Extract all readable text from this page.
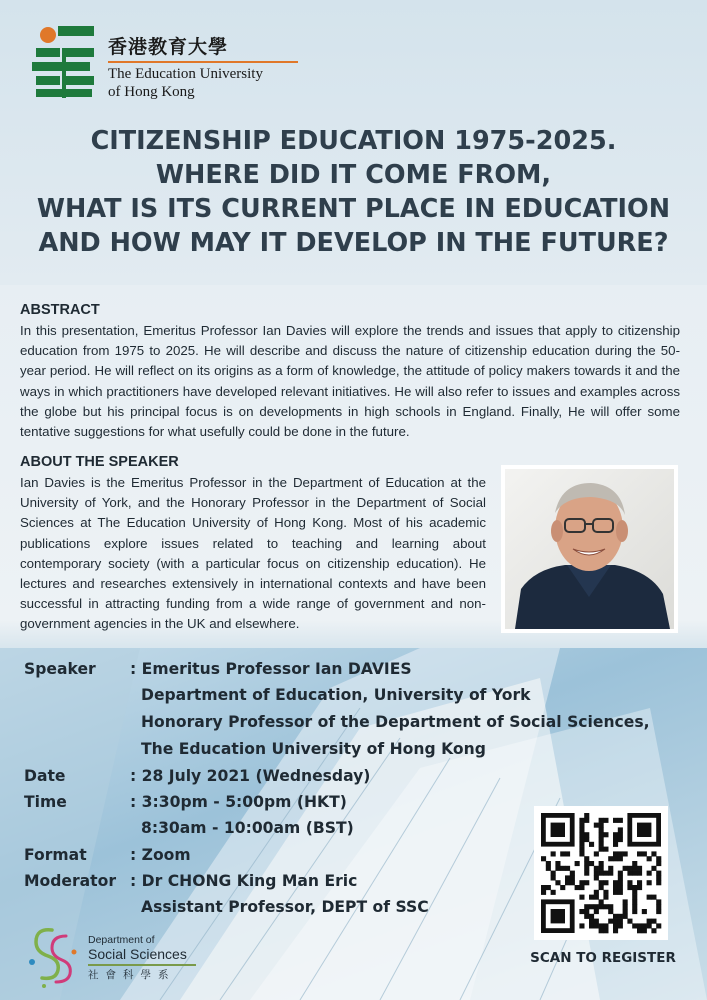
香港教育大學
The Education University
of Hong Kong
CITIZENSHIP EDUCATION 1975-2025.
WHERE DID IT COME FROM,
WHAT IS ITS CURRENT PLACE IN EDUCATION
AND HOW MAY IT DEVELOP IN THE FUTURE?
ABSTRACT
In this presentation, Emeritus Professor Ian Davies will explore the trends and issues that apply to citizenship education from 1975 to 2025. He will describe and discuss the nature of citizenship education during the 50-year period. He will reflect on its origins as a form of knowledge, the attitude of policy makers towards it and the ways in which practitioners have developed relevant initiatives. He will also refer to issues and examples across the globe but his principal focus is on developments in high schools in England. Finally, He will offer some tentative suggestions for what usefully could be done in the future.
ABOUT THE SPEAKER
Ian Davies is the Emeritus Professor in the Department of Education at the University of York, and the Honorary Professor in the Department of Social Sciences at The Education University of Hong Kong. Most of his academic publications explore issues related to teaching and learning about contemporary society (with a particular focus on citizenship education). He lectures and researches extensively in international contexts and have been successful in attracting funding from a wide range of government and non-government agencies in the UK and elsewhere.
Speaker : Emeritus Professor Ian DAVIES
Department of Education, University of York
Honorary Professor of the Department of Social Sciences,
The Education University of Hong Kong
Date	: 28 July 2021 (Wednesday)
Time	: 3:30pm - 5:00pm (HKT)
8:30am - 10:00am (BST)
Format	: Zoom
Moderator : Dr CHONG King Man Eric
Assistant Professor, DEPT of SSC
SCAN TO REGISTER
Department of
Social Sciences
社會科學系
